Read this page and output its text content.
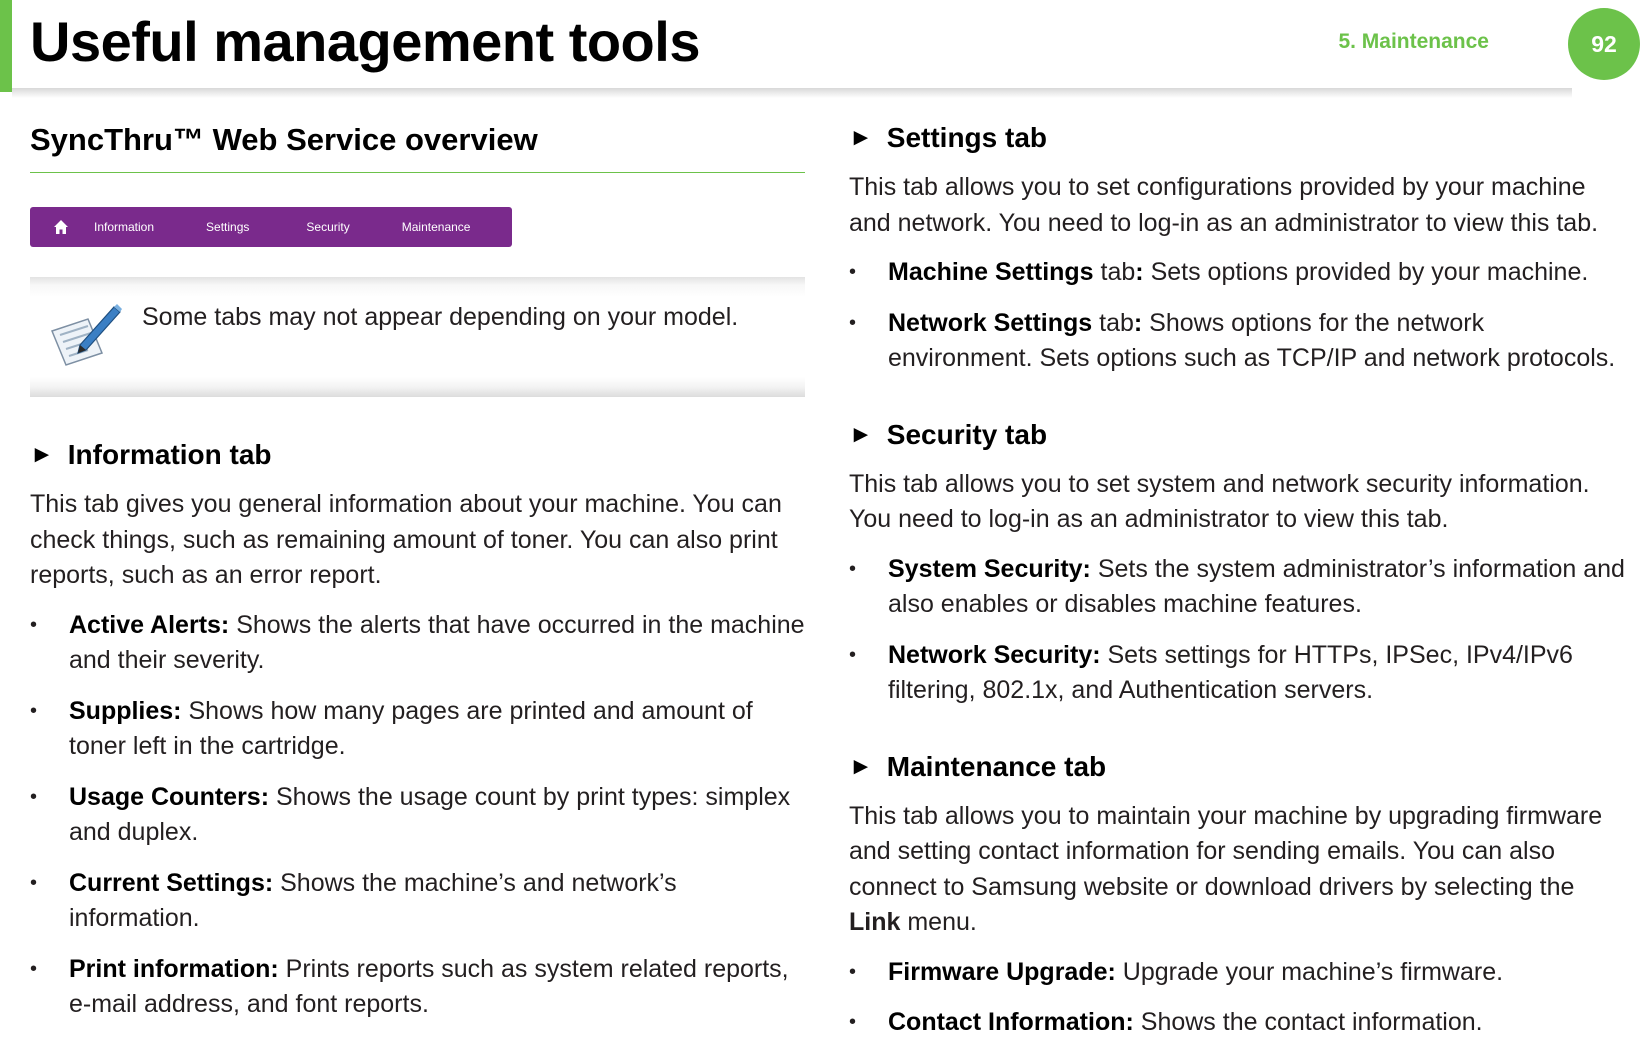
Useful management tools	5. Maintenance	92
SyncThru™ Web Service overview
Information	Settings	Security	Maintenance
Some tabs may not appear depending on your model.
► Information tab

This tab gives you general information about your machine. You can check things, such as remaining amount of toner. You can also print reports, such as an error report.

• Active Alerts: Shows the alerts that have occurred in the machine and their severity.
• Supplies: Shows how many pages are printed and amount of toner left in the cartridge.
• Usage Counters: Shows the usage count by print types: simplex and duplex.
• Current Settings: Shows the machine’s and network’s information.
• Print information: Prints reports such as system related reports, e-mail address, and font reports.
► Settings tab

This tab allows you to set configurations provided by your machine and network. You need to log-in as an administrator to view this tab.

• Machine Settings tab: Sets options provided by your machine.
• Network Settings tab: Shows options for the network environment. Sets options such as TCP/IP and network protocols.
► Security tab

This tab allows you to set system and network security information. You need to log-in as an administrator to view this tab.

• System Security: Sets the system administrator’s information and also enables or disables machine features.
• Network Security: Sets settings for HTTPs, IPSec, IPv4/IPv6 filtering, 802.1x, and Authentication servers.
► Maintenance tab

This tab allows you to maintain your machine by upgrading firmware and setting contact information for sending emails. You can also connect to Samsung website or download drivers by selecting the Link menu.

• Firmware Upgrade: Upgrade your machine’s firmware.
• Contact Information: Shows the contact information.
